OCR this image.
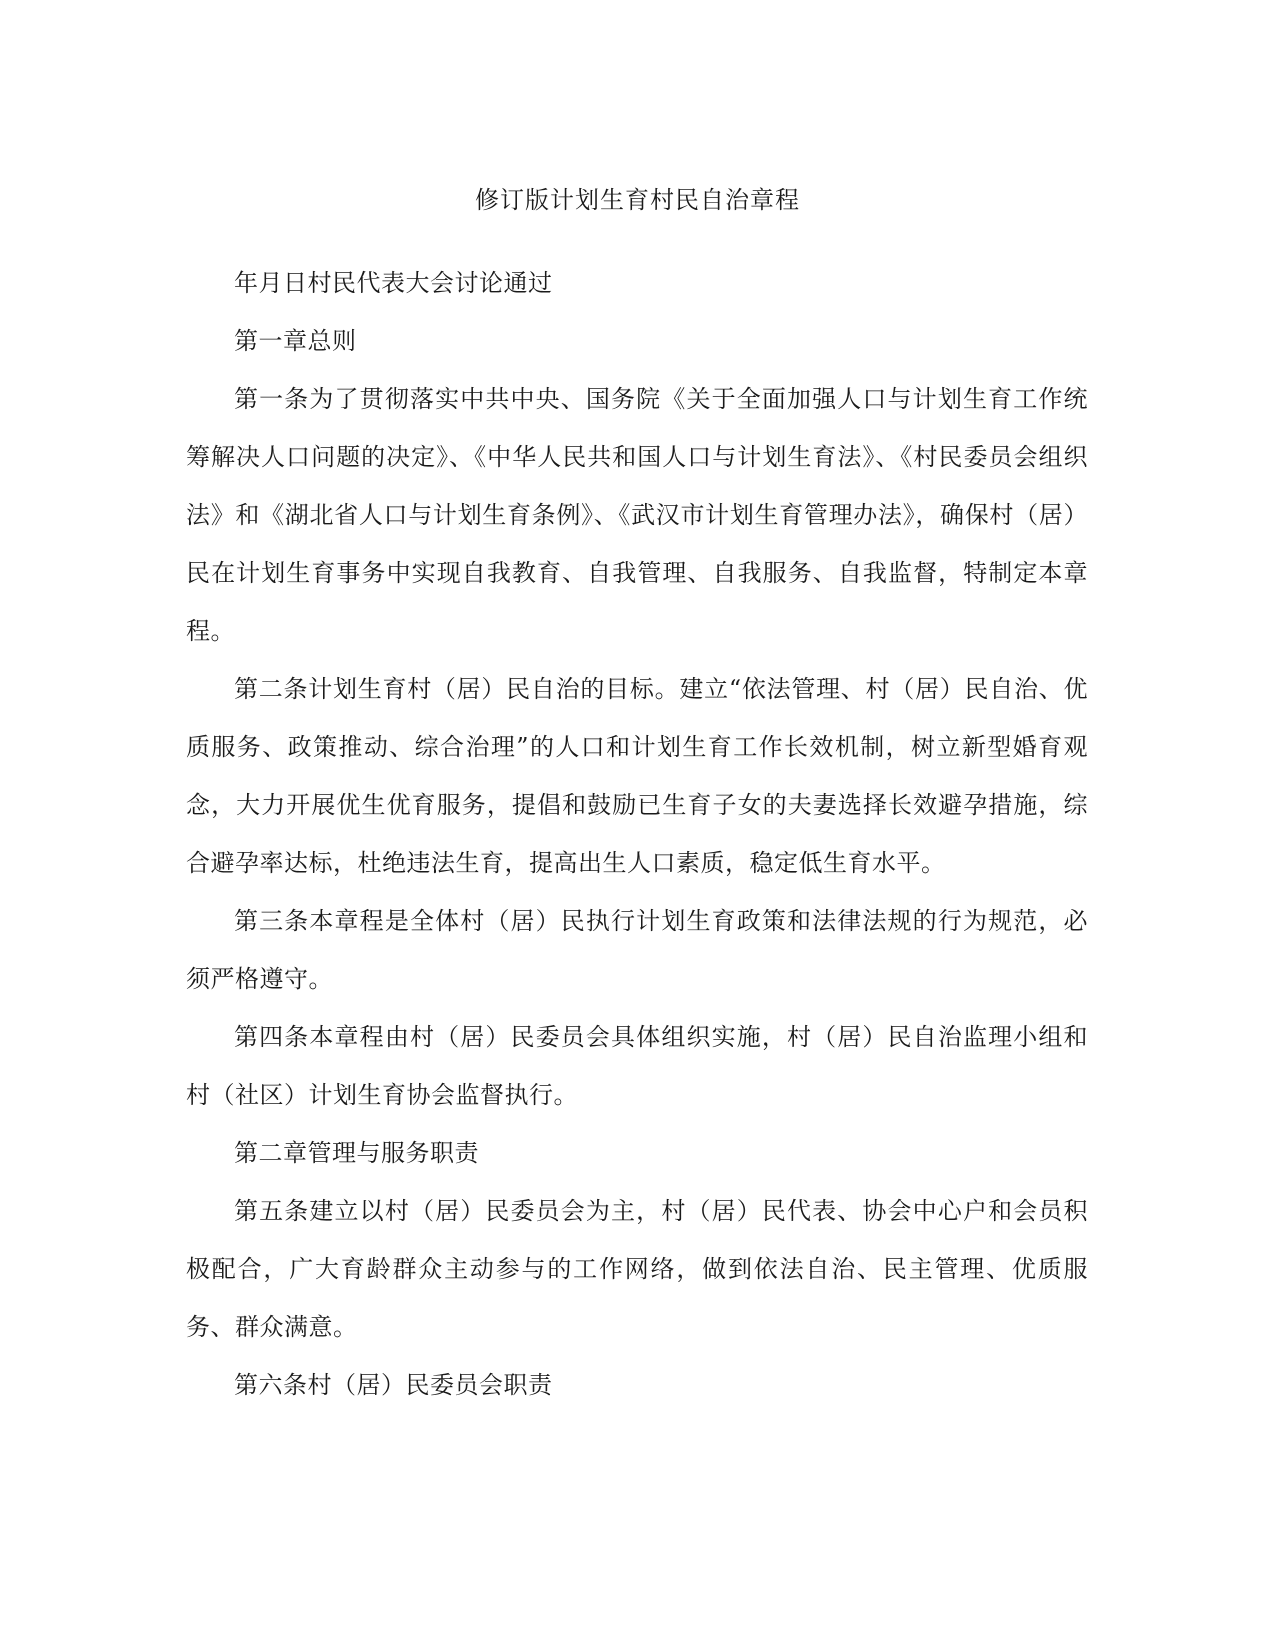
修订版计划生育村民自治章程

年月日村民代表大会讨论通过

第一章总则

第一条为了贯彻落实中共中央、国务院《关于全面加强人口与计划生育工作统筹解决人口问题的决定》、《中华人民共和国人口与计划生育法》、《村民委员会组织法》和《湖北省人口与计划生育条例》、《武汉市计划生育管理办法》，确保村（居）民在计划生育事务中实现自我教育、自我管理、自我服务、自我监督，特制定本章程。

第二条计划生育村（居）民自治的目标。建立“依法管理、村（居）民自治、优质服务、政策推动、综合治理”的人口和计划生育工作长效机制，树立新型婚育观念，大力开展优生优育服务，提倡和鼓励已生育子女的夫妻选择长效避孕措施，综合避孕率达标，杜绝违法生育，提高出生人口素质，稳定低生育水平。

第三条本章程是全体村（居）民执行计划生育政策和法律法规的行为规范，必须严格遵守。

第四条本章程由村（居）民委员会具体组织实施，村（居）民自治监理小组和村（社区）计划生育协会监督执行。

第二章管理与服务职责

第五条建立以村（居）民委员会为主，村（居）民代表、协会中心户和会员积极配合，广大育龄群众主动参与的工作网络，做到依法自治、民主管理、优质服务、群众满意。

第六条村（居）民委员会职责
